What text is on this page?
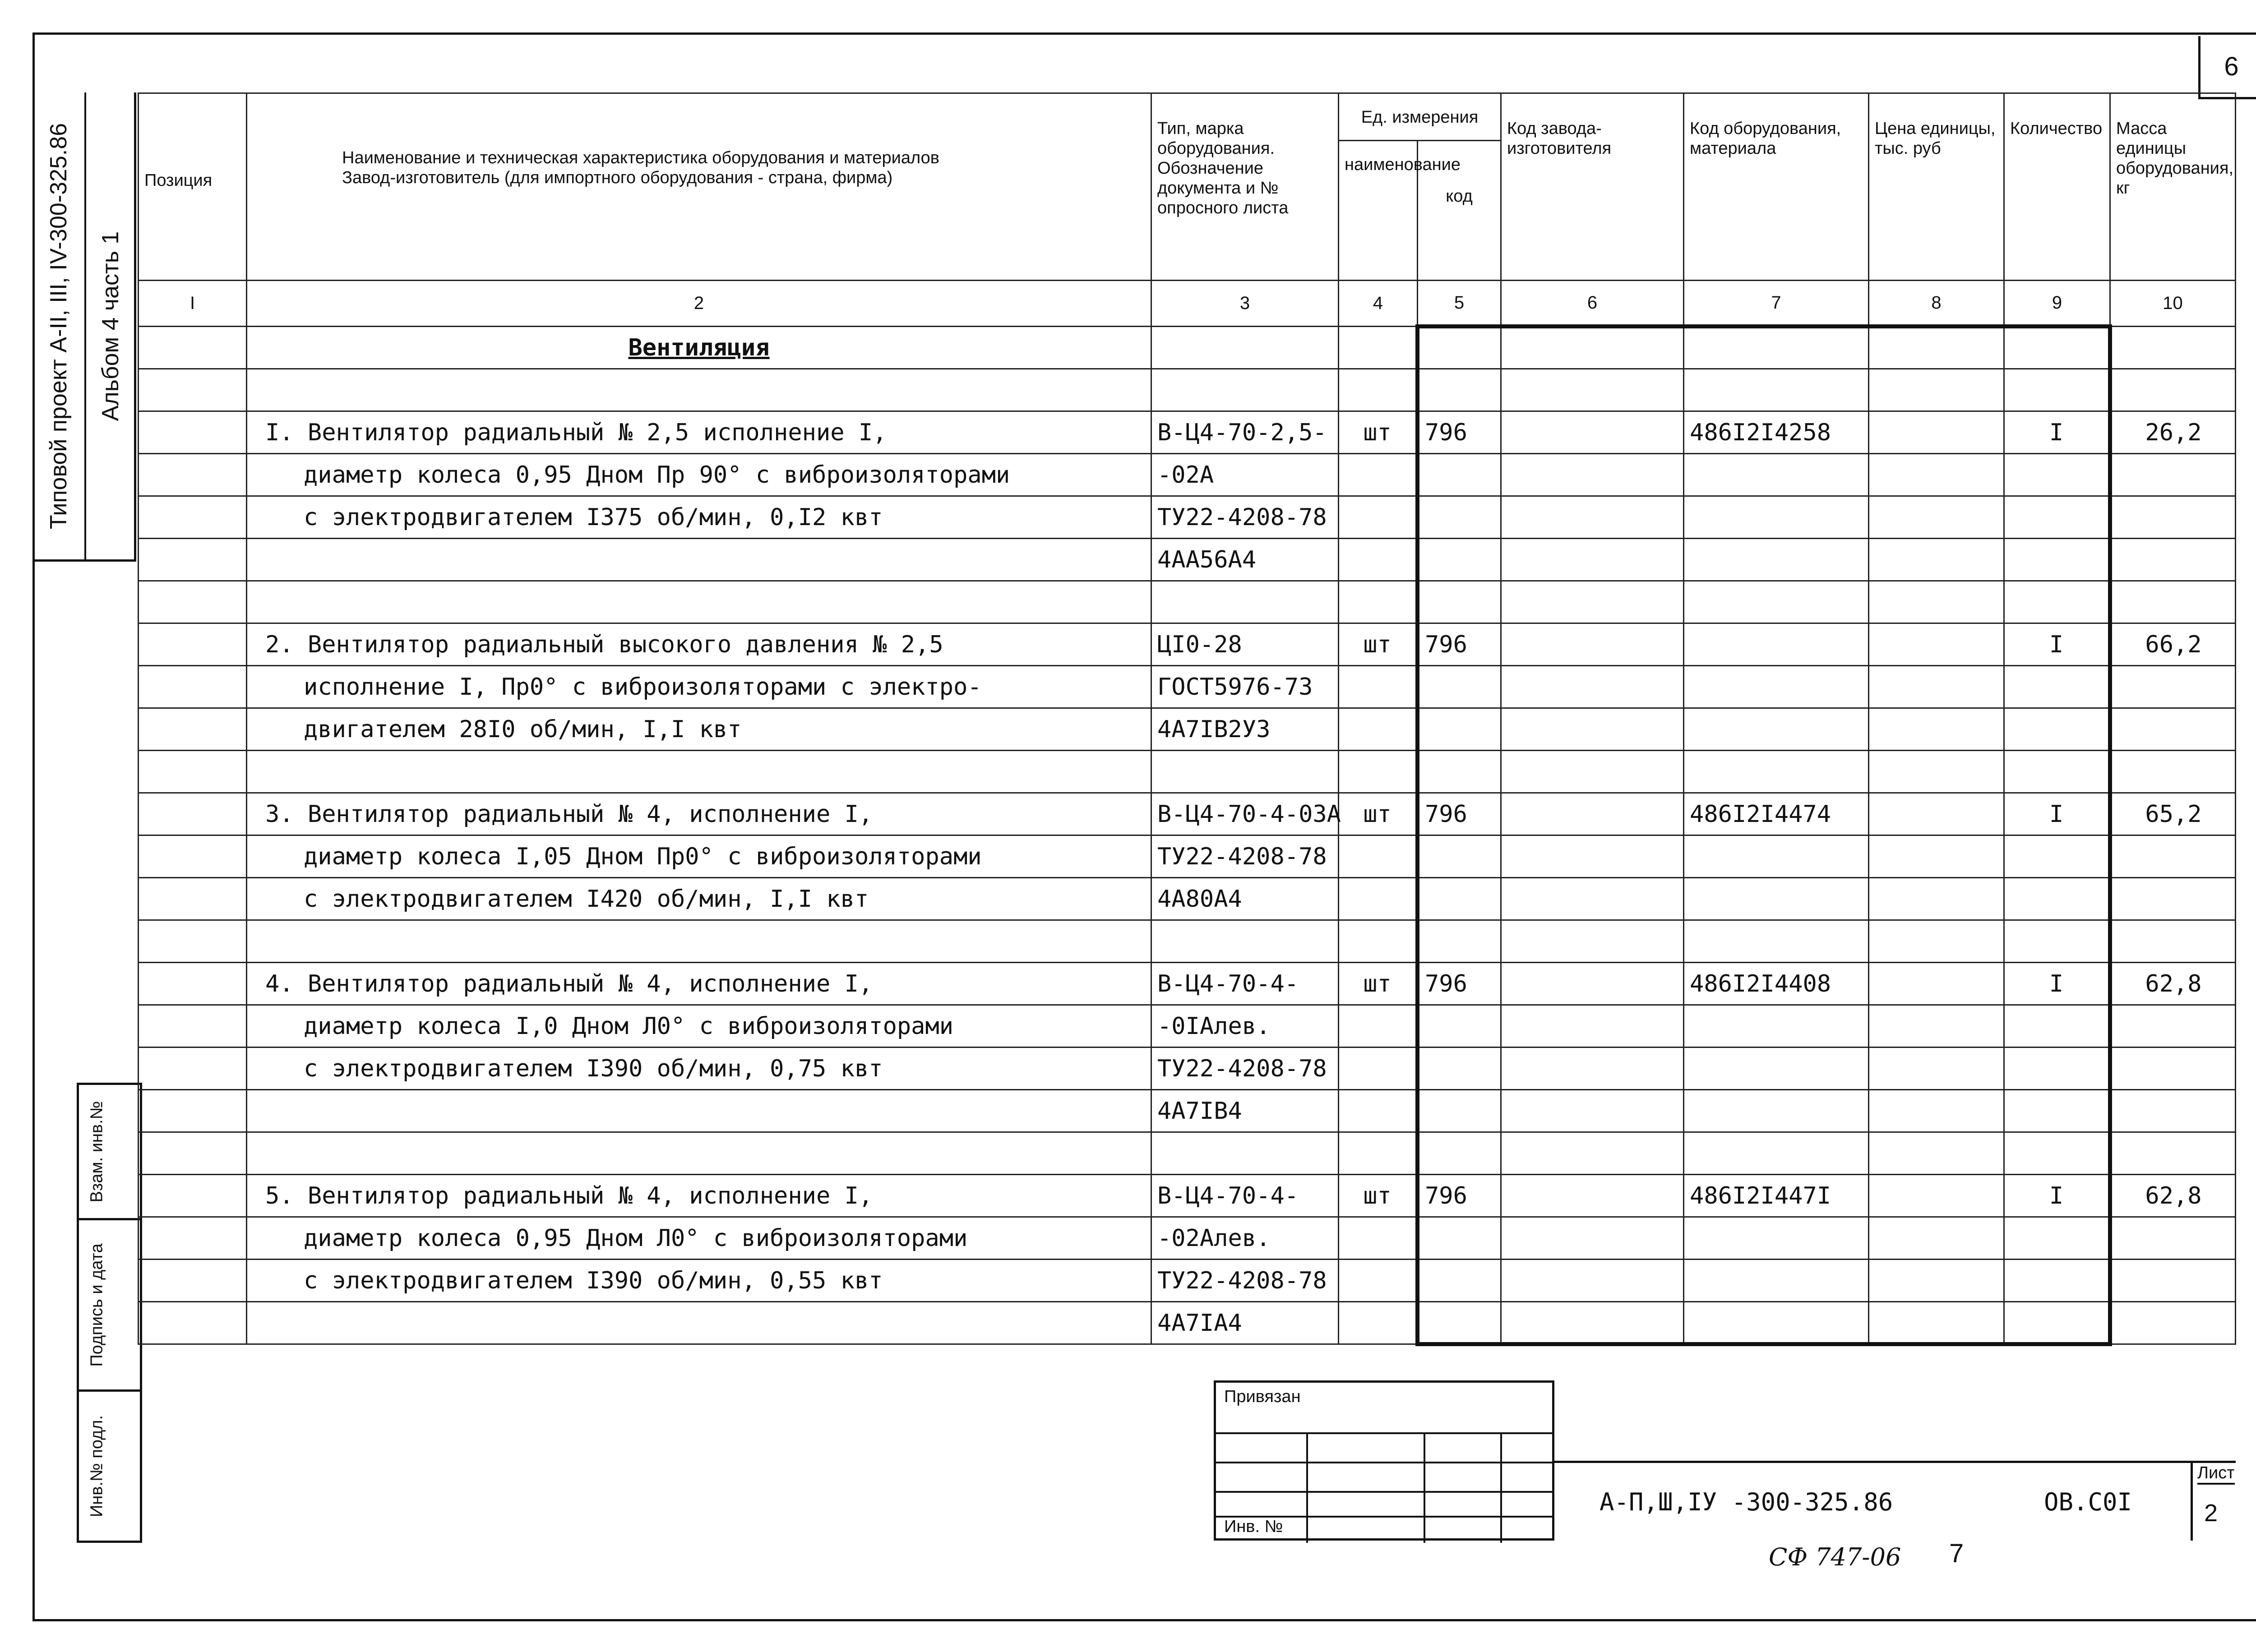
6
Типовой проект А-II, III, IV-300-325.86 Альбом 4 часть 1
Взам. инв.№
Подпись и дата
Инв.№ подл.
Позиция	Наименование и техническая характеристика оборудования и материалов
Завод-изготовитель (для импортного оборудования - страна, фирма)	Тип, марка оборудования. Обозначение документа и № опросного листа	Ед. измерения		Код завода-изготовителя	Код оборудования, материала	Цена единицы, тыс. руб	Количество	Масса единицы оборудования, кг
			наименование	код					
I	2	3	4	5	6	7	8	9	10
	Вентиляция								

	I. Вентилятор радиальный № 2,5 исполнение I,	В-Ц4-70-2,5-	шт	796		486I2I4258		I	26,2
	диаметр колеса 0,95 Дном Пр 90° с виброизоляторами	-02А							
	с электродвигателем I375 об/мин, 0,I2 квт	ТУ22-4208-78							
		4АА56А4							

	2. Вентилятор радиальный высокого давления № 2,5	ЦI0-28	шт	796				I	66,2
	исполнение I, Пр0° с виброизоляторами с электро-	ГОСТ5976-73							
	двигателем 28I0 об/мин, I,I квт	4А7IВ2У3							

	3. Вентилятор радиальный № 4, исполнение I,	В-Ц4-70-4-03А	шт	796		486I2I4474		I	65,2
	диаметр колеса I,05 Дном Пр0° с виброизоляторами	ТУ22-4208-78							
	с электродвигателем I420 об/мин, I,I квт	4А80А4							

	4. Вентилятор радиальный № 4, исполнение I,	В-Ц4-70-4-	шт	796		486I2I4408		I	62,8
	диаметр колеса I,0 Дном Л0° с виброизоляторами	-0IАлев.							
	с электродвигателем I390 об/мин, 0,75 квт	ТУ22-4208-78							
		4А7IВ4							

	5. Вентилятор радиальный № 4, исполнение I,	В-Ц4-70-4-	шт	796		486I2I447I		I	62,8
	диаметр колеса 0,95 Дном Л0° с виброизоляторами	-02Алев.							
	с электродвигателем I390 об/мин, 0,55 квт	ТУ22-4208-78							
		4А7IА4							
Привязан
Инв. №
А-П,Ш,IУ -300-325.86	ОВ.С0I
Лист
2
СФ 747-06 7
